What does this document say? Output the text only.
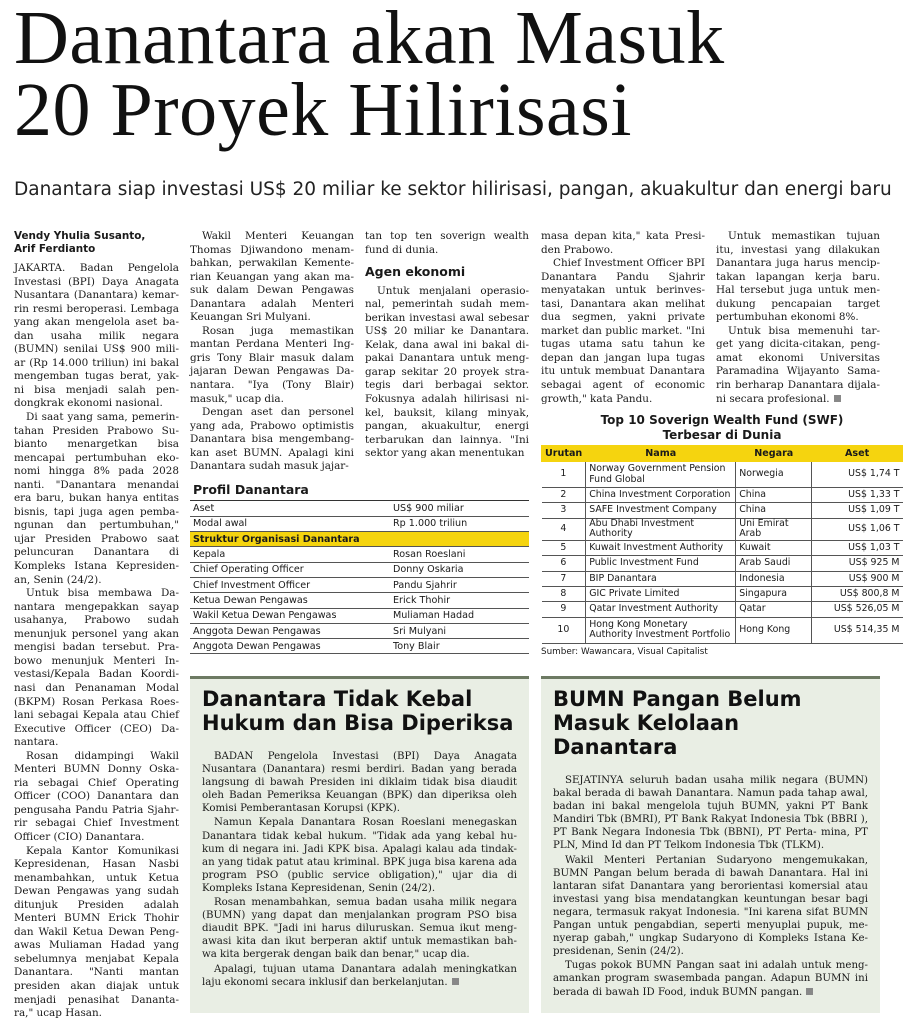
Danantara akan Masuk
20 Proyek Hilirisasi
Danantara siap investasi US$ 20 miliar ke sektor hilirisasi, pangan, akuakultur dan energi baru
Vendy Yhulia Susanto,
Arif Ferdianto

JAKARTA. Badan Pengelola Investasi (BPI) Daya Anagata Nusantara (Danantara) kemar- rin resmi beroperasi. Lembaga yang akan mengelola aset ba- dan usaha milik negara (BUMN) senilai US$ 900 mili- ar (Rp 14.000 triliun) ini bakal mengemban tugas berat, yak- ni bisa menjadi salah pen- dongkrak ekonomi nasional.

Di saat yang sama, pemerin- tahan Presiden Prabowo Su- bianto menargetkan bisa mencapai pertumbuhan eko- nomi hingga 8% pada 2028 nanti. "Danantara menandai era baru, bukan hanya entitas bisnis, tapi juga agen pemba- ngunan dan pertumbuhan," ujar Presiden Prabowo saat peluncuran Danantara di Kompleks Istana Kepresiden- an, Senin (24/2).

Untuk bisa membawa Da- nantara mengepakkan sayap usahanya, Prabowo sudah menunjuk personel yang akan mengisi badan tersebut. Pra- bowo menunjuk Menteri In- vestasi/Kepala Badan Koordi- nasi dan Penanaman Modal (BKPM) Rosan Perkasa Roes- lani sebagai Kepala atau Chief Executive Officer (CEO) Da- nantara.

Rosan didampingi Wakil Menteri BUMN Donny Oska- ria sebagai Chief Operating Officer (COO) Danantara dan pengusaha Pandu Patria Sjahr- rir sebagai Chief Investment Officer (CIO) Danantara.

Kepala Kantor Komunikasi Kepresidenan, Hasan Nasbi menambahkan, untuk Ketua Dewan Pengawas yang sudah ditunjuk Presiden adalah Menteri BUMN Erick Thohir dan Wakil Ketua Dewan Peng- awas Muliaman Hadad yang sebelumnya menjabat Kepala Danantara. "Nanti mantan presiden akan diajak untuk menjadi penasihat Dananta- ra," ucap Hasan.

Wakil Menteri Keuangan Thomas Djiwandono menam- bahkan, perwakilan Kemente- rian Keuangan yang akan ma- suk dalam Dewan Pengawas Danantara adalah Menteri Keuangan Sri Mulyani.

Rosan juga memastikan mantan Perdana Menteri Ing- gris Tony Blair masuk dalam jajaran Dewan Pengawas Da- nantara. "Iya (Tony Blair) masuk," ucap dia.

Dengan aset dan personel yang ada, Prabowo optimistis Danantara bisa mengembang- kan aset BUMN. Apalagi kini Danantara sudah masuk jajar-

tan top ten soverign wealth fund di dunia.

Agen ekonomi

Untuk menjalani operasio- nal, pemerintah sudah mem- berikan investasi awal sebesar US$ 20 miliar ke Danantara. Kelak, dana awal ini bakal di- pakai Danantara untuk meng- garap sekitar 20 proyek stra- tegis dari berbagai sektor. Fokusnya adalah hilirisasi ni- kel, bauksit, kilang minyak, pangan, akuakultur, energi terbarukan dan lainnya. "Ini sektor yang akan menentukan

masa depan kita," kata Presi- den Prabowo.

Chief Investment Officer BPI Danantara Pandu Sjahrir menyatakan untuk berinves- tasi, Danantara akan melihat dua segmen, yakni private market dan public market. "Ini tugas utama satu tahun ke depan dan jangan lupa tugas itu untuk membuat Danantara sebagai agent of economic growth," kata Pandu.

Untuk memastikan tujuan itu, investasi yang dilakukan Danantara juga harus mencip- takan lapangan kerja baru. Hal tersebut juga untuk men- dukung pencapaian target pertumbuhan ekonomi 8%.

Untuk bisa memenuhi tar- get yang dicita-citakan, peng- amat ekonomi Universitas Paramadina Wijayanto Sama- rin berharap Danantara dijala- ni secara profesional.

Profil Danantara
Aset	US$ 900 miliar
Modal awal	Rp 1.000 triliun
Struktur Organisasi Danantara	
Kepala	Rosan Roeslani
Chief Operating Officer	Donny Oskaria
Chief Investment Officer	Pandu Sjahrir
Ketua Dewan Pengawas	Erick Thohir
Wakil Ketua Dewan Pengawas	Muliaman Hadad
Anggota Dewan Pengawas	Sri Mulyani
Anggota Dewan Pengawas	Tony Blair
Top 10 Soverign Wealth Fund (SWF)
Terbesar di Dunia
Urutan	Nama	Negara	Aset
1	Norway Government Pension Fund Global	Norwegia	US$ 1,74 T
2	China Investment Corporation	China	US$ 1,33 T
3	SAFE Investment Company	China	US$ 1,09 T
4	Abu Dhabi Investment Authority	Uni Emirat Arab	US$ 1,06 T
5	Kuwait Investment Authority	Kuwait	US$ 1,03 T
6	Public Investment Fund	Arab Saudi	US$ 925 M
7	BIP Danantara	Indonesia	US$ 900 M
8	GIC Private Limited	Singapura	US$ 800,8 M
9	Qatar Investment Authority	Qatar	US$ 526,05 M
10	Hong Kong Monetary Authority Investment Portfolio	Hong Kong	US$ 514,35 M
Sumber: Wawancara, Visual Capitalist
Danantara Tidak Kebal
Hukum dan Bisa Diperiksa

BADAN Pengelola Investasi (BPI) Daya Anagata Nusantara (Danantara) resmi berdiri. Badan yang berada langsung di bawah Presiden ini diklaim tidak bisa diaudit oleh Badan Pemeriksa Keuangan (BPK) dan diperiksa oleh Komisi Pemberantasan Korupsi (KPK).

Namun Kepala Danantara Rosan Roeslani menegaskan Danantara tidak kebal hukum. "Tidak ada yang kebal hu- kum di negara ini. Jadi KPK bisa. Apalagi kalau ada tindak- an yang tidak patut atau kriminal. BPK juga bisa karena ada program PSO (public service obligation)," ujar dia di Kompleks Istana Kepresidenan, Senin (24/2).

Rosan menambahkan, semua badan usaha milik negara (BUMN) yang dapat dan menjalankan program PSO bisa diaudit BPK. "Jadi ini harus diluruskan. Semua ikut meng- awasi kita dan ikut berperan aktif untuk memastikan bah- wa kita bergerak dengan baik dan benar," ucap dia.

Apalagi, tujuan utama Danantara adalah meningkatkan laju ekonomi secara inklusif dan berkelanjutan.

BUMN Pangan Belum
Masuk Kelolaan Danantara

SEJATINYA seluruh badan usaha milik negara (BUMN) bakal berada di bawah Danantara. Namun pada tahap awal, badan ini bakal mengelola tujuh BUMN, yakni PT Bank Mandiri Tbk (BMRI), PT Bank Rakyat Indonesia Tbk (BBRI ), PT Bank Negara Indonesia Tbk (BBNI), PT Perta- mina, PT PLN, Mind Id dan PT Telkom Indonesia Tbk (TLKM).

Wakil Menteri Pertanian Sudaryono mengemukakan, BUMN Pangan belum berada di bawah Danantara. Hal ini lantaran sifat Danantara yang berorientasi komersial atau investasi yang bisa mendatangkan keuntungan besar bagi negara, termasuk rakyat Indonesia. "Ini karena sifat BUMN Pangan untuk pengabdian, seperti menyuplai pupuk, me- nyerap gabah," ungkap Sudaryono di Kompleks Istana Ke- presidenan, Senin (24/2).

Tugas pokok BUMN Pangan saat ini adalah untuk meng- amankan program swasembada pangan. Adapun BUMN ini berada di bawah ID Food, induk BUMN pangan.
